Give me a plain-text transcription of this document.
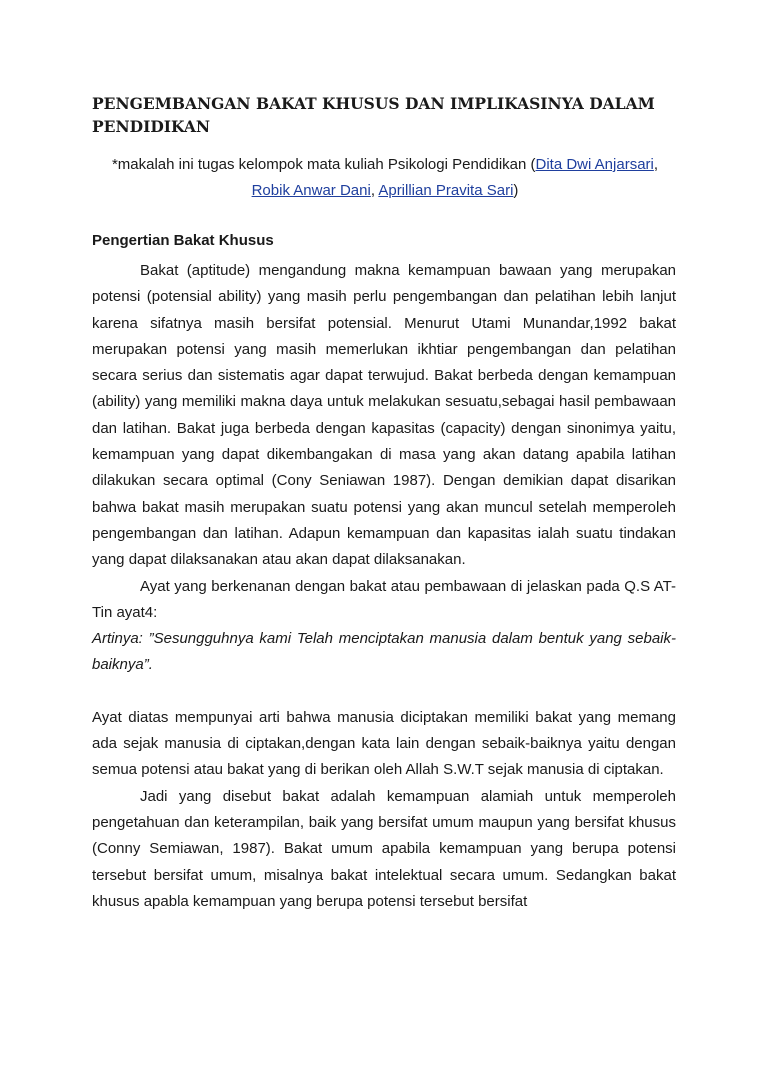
PENGEMBANGAN BAKAT KHUSUS DAN IMPLIKASINYA DALAM PENDIDIKAN
*makalah ini tugas kelompok mata kuliah Psikologi Pendidikan (Dita Dwi Anjarsari,
Robik Anwar Dani, Aprillian Pravita Sari)
Pengertian Bakat Khusus

Bakat (aptitude) mengandung makna kemampuan bawaan yang merupakan potensi (potensial ability) yang masih perlu pengembangan dan pelatihan lebih lanjut karena sifatnya masih bersifat potensial. Menurut Utami Munandar,1992 bakat merupakan potensi yang masih memerlukan ikhtiar pengembangan dan pelatihan secara serius dan sistematis agar dapat terwujud. Bakat berbeda dengan kemampuan (ability) yang memiliki makna daya untuk melakukan sesuatu,sebagai hasil pembawaan dan latihan. Bakat juga berbeda dengan kapasitas (capacity) dengan sinonimya yaitu, kemampuan yang dapat dikembangakan di masa yang akan datang apabila latihan dilakukan secara optimal (Cony Seniawan 1987). Dengan demikian dapat disarikan bahwa bakat masih merupakan suatu potensi yang akan muncul setelah memperoleh pengembangan dan latihan. Adapun kemampuan dan kapasitas ialah suatu tindakan yang dapat dilaksanakan atau akan dapat dilaksanakan.

Ayat yang berkenanan dengan bakat atau pembawaan di jelaskan pada Q.S AT-Tin ayat4:

Artinya: ”Sesungguhnya kami Telah menciptakan manusia dalam bentuk yang sebaik-baiknya”.

Ayat diatas mempunyai arti bahwa manusia diciptakan memiliki bakat yang memang ada sejak manusia di ciptakan,dengan kata lain dengan sebaik-baiknya yaitu dengan semua potensi atau bakat yang di berikan oleh Allah S.W.T sejak manusia di ciptakan.

Jadi yang disebut bakat adalah kemampuan alamiah untuk memperoleh pengetahuan dan keterampilan, baik yang bersifat umum maupun yang bersifat khusus (Conny Semiawan, 1987). Bakat umum apabila kemampuan yang berupa potensi tersebut bersifat umum, misalnya bakat intelektual secara umum. Sedangkan bakat khusus apabla kemampuan yang berupa potensi tersebut bersifat
